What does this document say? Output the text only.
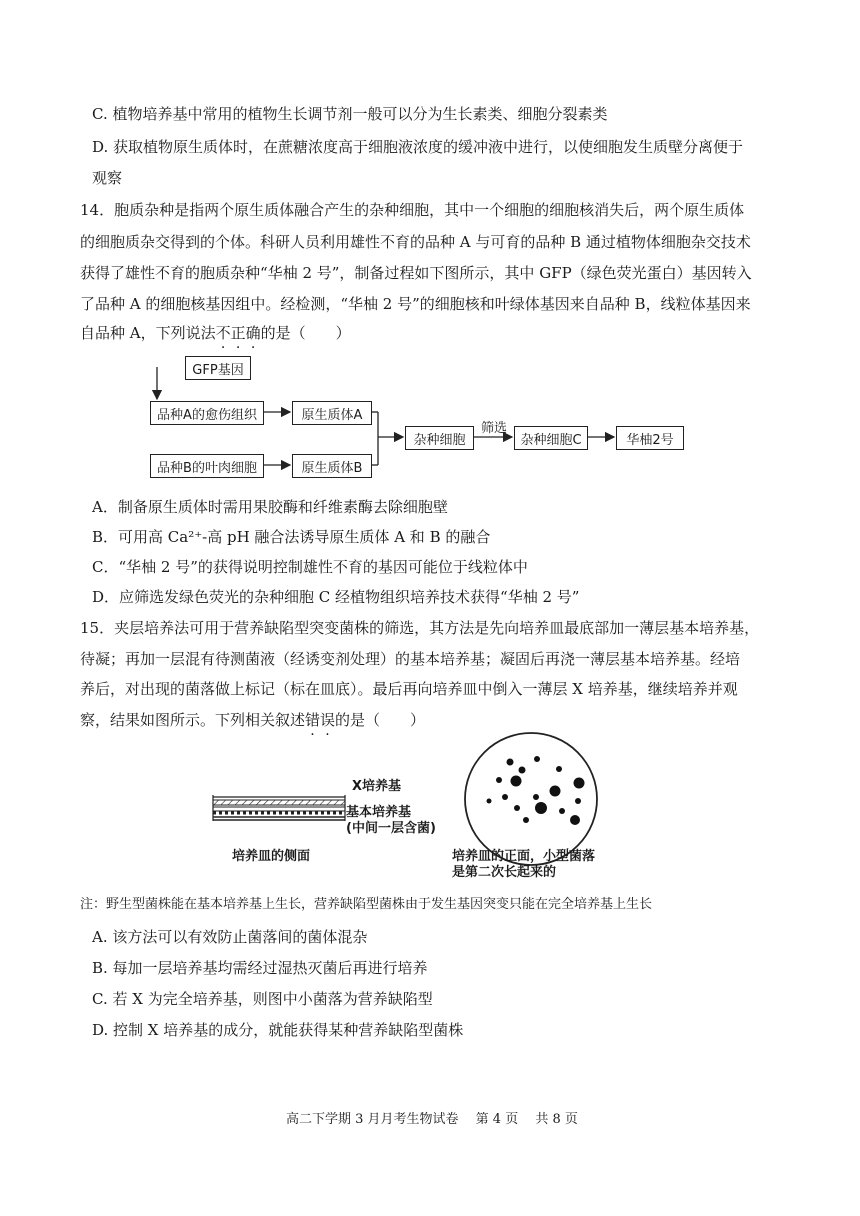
C. 植物培养基中常用的植物生长调节剂一般可以分为生长素类、细胞分裂素类
D. 获取植物原生质体时，在蔗糖浓度高于细胞液浓度的缓冲液中进行，以使细胞发生质壁分离便于
观察
14．胞质杂种是指两个原生质体融合产生的杂种细胞，其中一个细胞的细胞核消失后，两个原生质体
的细胞质杂交得到的个体。科研人员利用雄性不育的品种 A 与可育的品种 B 通过植物体细胞杂交技术
获得了雄性不育的胞质杂种“华柚 2 号”，制备过程如下图所示，其中 GFP（绿色荧光蛋白）基因转入
了品种 A 的细胞核基因组中。经检测，“华柚 2 号”的细胞核和叶绿体基因来自品种 B，线粒体基因来
自品种 A，下列说法不正确的是（　　）
GFP基因
品种A的愈伤组织
品种B的叶肉细胞
原生质体A
原生质体B
杂种细胞
筛选
杂种细胞C	华柚2号
A．制备原生质体时需用果胶酶和纤维素酶去除细胞壁
B．可用高 Ca²⁺-高 pH 融合法诱导原生质体 A 和 B 的融合
C．“华柚 2 号”的获得说明控制雄性不育的基因可能位于线粒体中
D．应筛选发绿色荧光的杂种细胞 C 经植物组织培养技术获得“华柚 2 号”
15．夹层培养法可用于营养缺陷型突变菌株的筛选，其方法是先向培养皿最底部加一薄层基本培养基，
待凝；再加一层混有待测菌液（经诱变剂处理）的基本培养基；凝固后再浇一薄层基本培养基。经培
养后，对出现的菌落做上标记（标在皿底）。最后再向培养皿中倒入一薄层 X 培养基，继续培养并观
察，结果如图所示。下列相关叙述错误的是（　　）
X培养基
基本培养基
(中间一层含菌)
培养皿的侧面	培养皿的正面，小型菌落
是第二次长起来的
注：野生型菌株能在基本培养基上生长，营养缺陷型菌株由于发生基因突变只能在完全培养基上生长
A. 该方法可以有效防止菌落间的菌体混杂
B. 每加一层培养基均需经过湿热灭菌后再进行培养
C. 若 X 为完全培养基，则图中小菌落为营养缺陷型
D. 控制 X 培养基的成分，就能获得某种营养缺陷型菌株
高二下学期 3 月月考生物试卷　 第 4 页　 共 8 页
